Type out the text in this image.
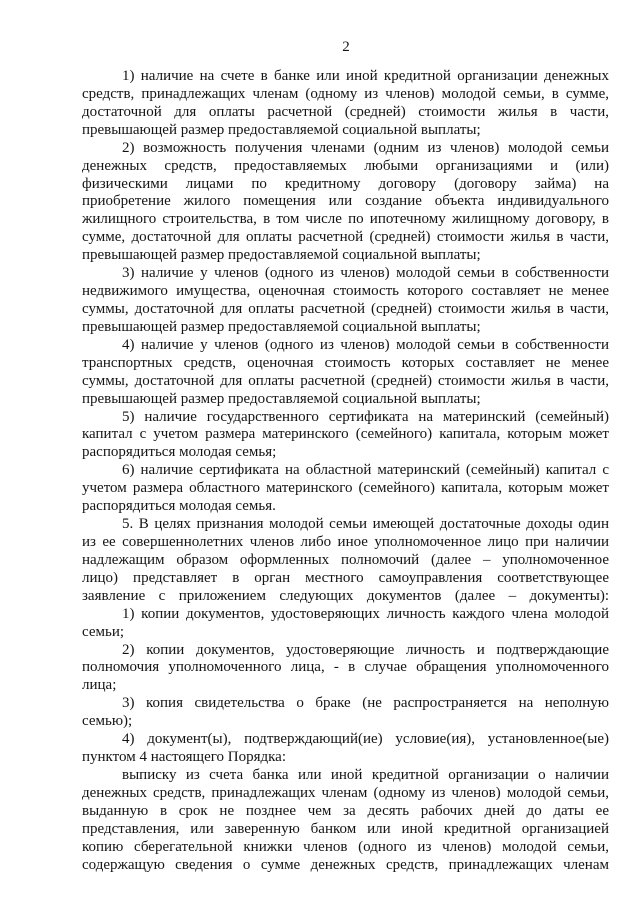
2
1) наличие на счете в банке или иной кредитной организации денежных
средств, принадлежащих членам (одному из членов) молодой семьи, в сумме,
достаточной для оплаты расчетной (средней) стоимости жилья в части,
превышающей размер предоставляемой социальной выплаты;
2) возможность получения членами (одним из членов) молодой семьи
денежных средств, предоставляемых любыми организациями и (или)
физическими лицами по кредитному договору (договору займа) на
приобретение жилого помещения или создание объекта индивидуального
жилищного строительства, в том числе по ипотечному жилищному договору, в
сумме, достаточной для оплаты расчетной (средней) стоимости жилья в части,
превышающей размер предоставляемой социальной выплаты;
3) наличие у членов (одного из членов) молодой семьи в собственности
недвижимого имущества, оценочная стоимость которого составляет не менее
суммы, достаточной для оплаты расчетной (средней) стоимости жилья в части,
превышающей размер предоставляемой социальной выплаты;
4) наличие у членов (одного из членов) молодой семьи в собственности
транспортных средств, оценочная стоимость которых составляет не менее
суммы, достаточной для оплаты расчетной (средней) стоимости жилья в части,
превышающей размер предоставляемой социальной выплаты;
5) наличие государственного сертификата на материнский (семейный)
капитал с учетом размера материнского (семейного) капитала, которым может
распорядиться молодая семья;
6) наличие сертификата на областной материнский (семейный) капитал с
учетом размера областного материнского (семейного) капитала, которым может
распорядиться молодая семья.
5. В целях признания молодой семьи имеющей достаточные доходы один
из ее совершеннолетних членов либо иное уполномоченное лицо при наличии
надлежащим образом оформленных полномочий (далее – уполномоченное
лицо) представляет в орган местного самоуправления соответствующее
заявление с приложением следующих документов (далее – документы):
1) копии документов, удостоверяющих личность каждого члена молодой
семьи;
2) копии документов, удостоверяющие личность и подтверждающие
полномочия уполномоченного лица, - в случае обращения уполномоченного
лица;
3) копия свидетельства о браке (не распространяется на неполную
семью);
4) документ(ы), подтверждающий(ие) условие(ия), установленное(ые)
пунктом 4 настоящего Порядка:
выписку из счета банка или иной кредитной организации о наличии
денежных средств, принадлежащих членам (одному из членов) молодой семьи,
выданную в срок не позднее чем за десять рабочих дней до даты ее
представления, или заверенную банком или иной кредитной организацией
копию сберегательной книжки членов (одного из членов) молодой семьи,
содержащую сведения о сумме денежных средств, принадлежащих членам
